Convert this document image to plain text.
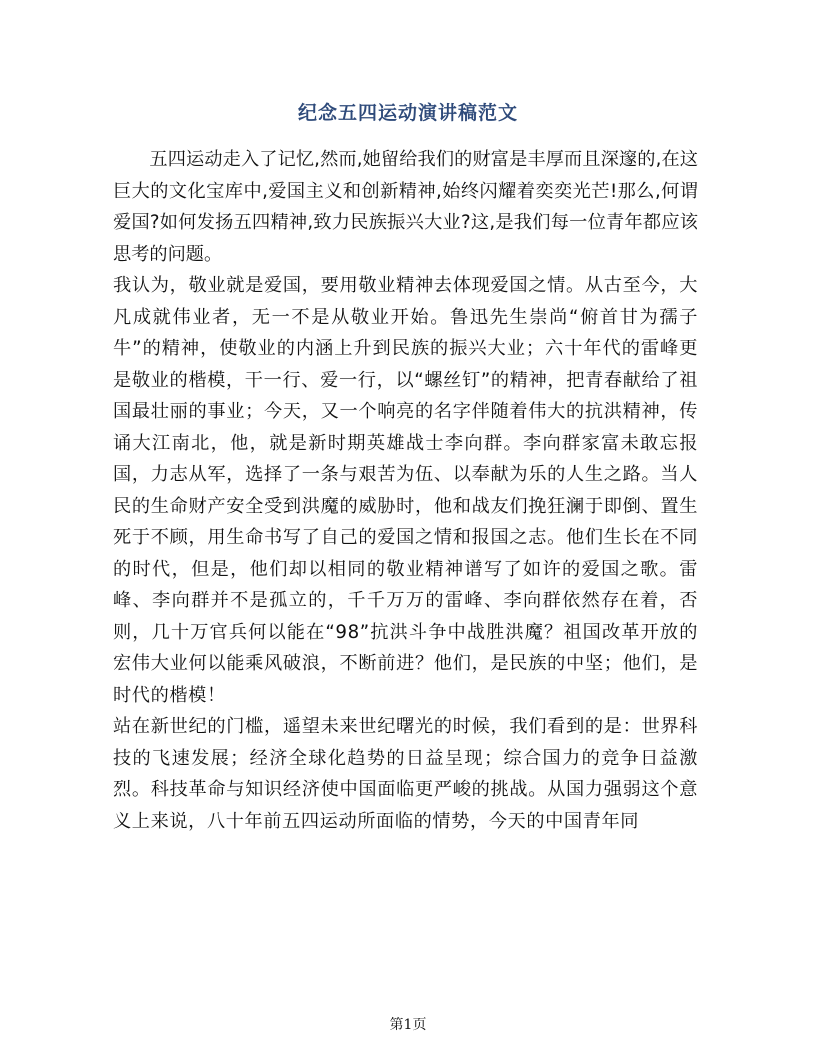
纪念五四运动演讲稿范文

五四运动走入了记忆,然而,她留给我们的财富是丰厚而且深邃的,在这巨大的文化宝库中,爱国主义和创新精神,始终闪耀着奕奕光芒!那么,何谓爱国?如何发扬五四精神,致力民族振兴大业?这,是我们每一位青年都应该思考的问题。

我认为，敬业就是爱国，要用敬业精神去体现爱国之情。从古至今，大凡成就伟业者，无一不是从敬业开始。鲁迅先生崇尚“俯首甘为孺子牛”的精神，使敬业的内涵上升到民族的振兴大业；六十年代的雷峰更是敬业的楷模，干一行、爱一行，以“螺丝钉”的精神，把青春献给了祖国最壮丽的事业；今天，又一个响亮的名字伴随着伟大的抗洪精神，传诵大江南北，他，就是新时期英雄战士李向群。李向群家富未敢忘报国，力志从军，选择了一条与艰苦为伍、以奉献为乐的人生之路。当人民的生命财产安全受到洪魔的威胁时，他和战友们挽狂澜于即倒、置生死于不顾，用生命书写了自己的爱国之情和报国之志。他们生长在不同的时代，但是，他们却以相同的敬业精神谱写了如许的爱国之歌。雷峰、李向群并不是孤立的，千千万万的雷峰、李向群依然存在着，否则，几十万官兵何以能在“98”抗洪斗争中战胜洪魔？祖国改革开放的宏伟大业何以能乘风破浪，不断前进？他们，是民族的中坚；他们，是时代的楷模！

站在新世纪的门槛，遥望未来世纪曙光的时候，我们看到的是：世界科技的飞速发展；经济全球化趋势的日益呈现；综合国力的竞争日益激烈。科技革命与知识经济使中国面临更严峻的挑战。从国力强弱这个意义上来说，八十年前五四运动所面临的情势，今天的中国青年同

第1页
